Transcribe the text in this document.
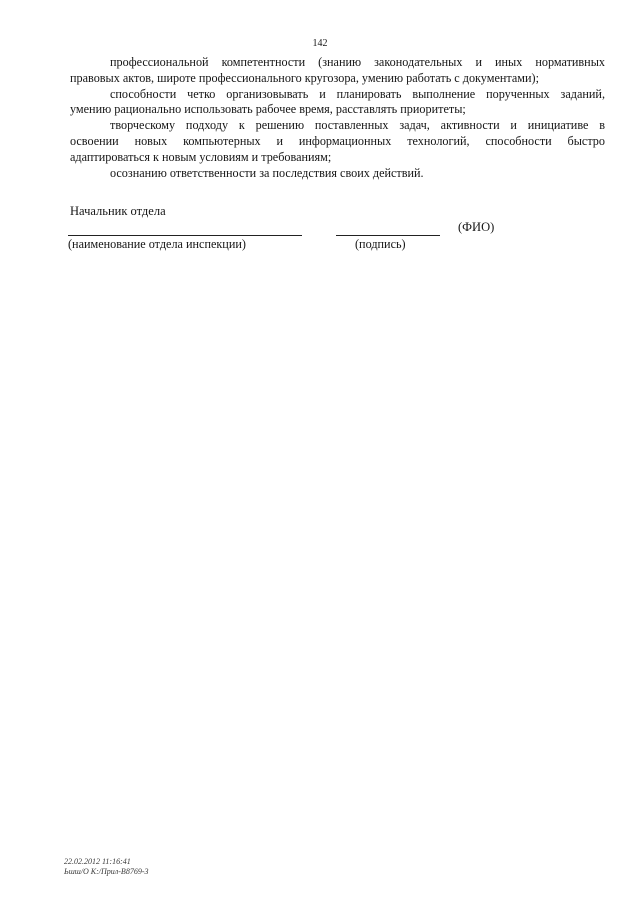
142

профессиональной компетентности (знанию законодательных и иных нормативных
правовых актов, широте профессионального кругозора, умению работать с документами);

способности четко организовывать и планировать выполнение порученных заданий,
умению рационально использовать рабочее время, расставлять приоритеты;

творческому подходу к решению поставленных задач, активности и инициативе в
освоении новых компьютерных и информационных технологий, способности быстро
адаптироваться к новым условиям и требованиям;

осознанию ответственности за последствия своих действий.

Начальник отдела
(ФИО)
(наименование отдела инспекции)	(подпись)
22.02.2012 11:16:41
Ьшш/О К:/Прил-В8769-3
